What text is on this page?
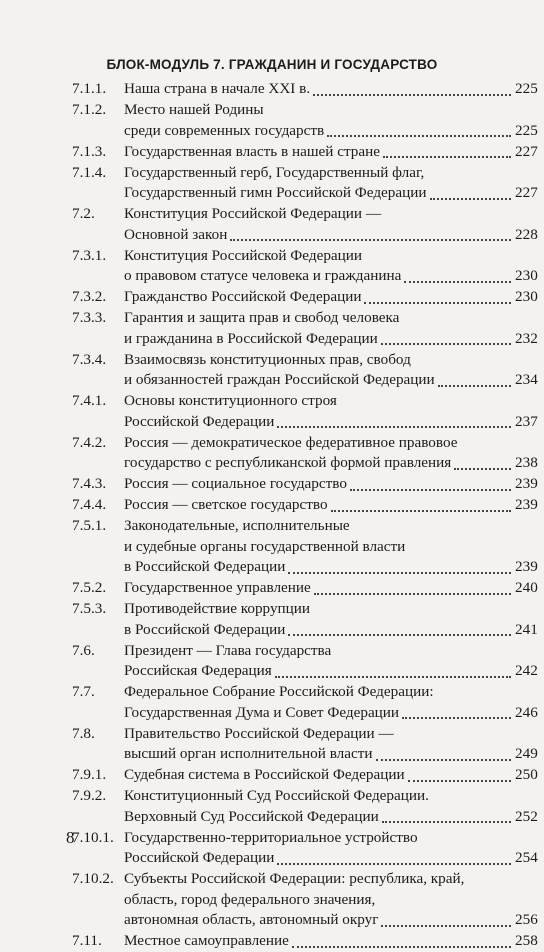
БЛОК-МОДУЛЬ 7. ГРАЖДАНИН И ГОСУДАРСТВО
7.1.1. Наша страна в начале XXI в.	225
7.1.2. Место нашей Родины
среди современных государств	225
7.1.3. Государственная власть в нашей стране	227
7.1.4. Государственный герб, Государственный флаг,
Государственный гимн Российской Федерации	227
7.2. Конституция Российской Федерации —
Основной закон	228
7.3.1. Конституция Российской Федерации
о правовом статусе человека и гражданина	230
7.3.2. Гражданство Российской Федерации	230
7.3.3. Гарантия и защита прав и свобод человека
и гражданина в Российской Федерации	232
7.3.4. Взаимосвязь конституционных прав, свобод
и обязанностей граждан Российской Федерации	234
7.4.1. Основы конституционного строя
Российской Федерации	237
7.4.2. Россия — демократическое федеративное правовое
государство с республиканской формой правления	238
7.4.3. Россия — социальное государство	239
7.4.4. Россия — светское государство	239
7.5.1. Законодательные, исполнительные
и судебные органы государственной власти
в Российской Федерации	239
7.5.2. Государственное управление	240
7.5.3. Противодействие коррупции
в Российской Федерации	241
7.6. Президент — Глава государства
Российская Федерация	242
7.7. Федеральное Собрание Российской Федерации:
Государственная Дума и Совет Федерации	246
7.8. Правительство Российской Федерации —
высший орган исполнительной власти	249
7.9.1. Судебная система в Российской Федерации	250
7.9.2. Конституционный Суд Российской Федерации.
Верховный Суд Российской Федерации	252
7.10.1. Государственно-территориальное устройство
Российской Федерации	254
7.10.2. Субъекты Российской Федерации: республика, край,
область, город федерального значения,
автономная область, автономный округ	256
7.11. Местное самоуправление	258
8
